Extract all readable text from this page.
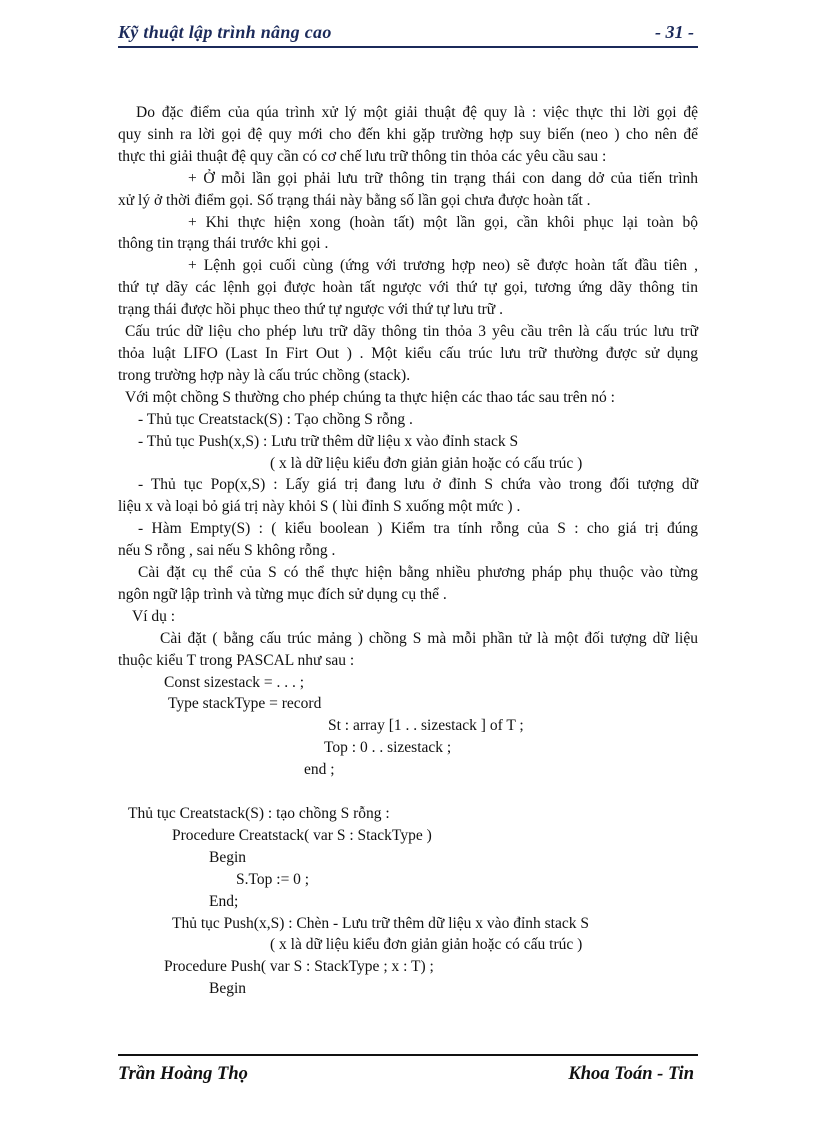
Kỹ thuật lập trình nâng cao	- 31 -
Do đặc điểm của qúa trình xử lý một giải thuật đệ quy là : việc thực thi lời gọi đệ
quy sinh ra lời gọi đệ quy mới cho đến khi gặp trường hợp suy biến (neo ) cho nên để
thực thi giải thuật đệ quy cần có cơ chế lưu trữ thông tin thỏa các yêu cầu sau :
+ Ở mỗi lần gọi phải lưu trữ thông tin trạng thái con dang dở của tiến trình
xử lý ở thời điểm gọi. Số trạng thái này bằng số lần gọi chưa được hoàn tất .
+ Khi thực hiện xong (hoàn tất) một lần gọi, cần khôi phục lại toàn bộ
thông tin trạng thái trước khi gọi .
+ Lệnh gọi cuối cùng (ứng với trương hợp neo) sẽ được hoàn tất đầu tiên ,
thứ tự dãy các lệnh gọi được hoàn tất ngược với thứ tự gọi, tương ứng dãy thông tin
trạng thái được hồi phục theo thứ tự ngược với thứ tự lưu trữ .
Cấu trúc dữ liệu cho phép lưu trữ dãy thông tin thỏa 3 yêu cầu trên là cấu trúc lưu trữ
thỏa luật LIFO (Last In Firt Out ) . Một kiểu cấu trúc lưu trữ thường được sử dụng
trong trường hợp này là cấu trúc chồng (stack).
Với một chồng S thường cho phép chúng ta thực hiện các thao tác sau trên nó :
- Thủ tục Creatstack(S) : Tạo chồng S rỗng .
- Thủ tục Push(x,S) : Lưu trữ thêm dữ liệu x vào đỉnh stack S
( x là dữ liệu kiểu đơn giản giản hoặc có cấu trúc )
- Thủ tục Pop(x,S) : Lấy giá trị đang lưu ở đỉnh S chứa vào trong đối tượng dữ
liệu x và loại bỏ giá trị này khỏi S ( lùi đỉnh S xuống một mức ) .
- Hàm Empty(S) : ( kiểu boolean ) Kiểm tra tính rỗng của S : cho giá trị đúng
nếu S rỗng , sai nếu S không rỗng .
Cài đặt cụ thể của S có thể thực hiện bằng nhiều phương pháp phụ thuộc vào từng
ngôn ngữ lập trình và từng mục đích sử dụng cụ thể .
Ví dụ :
Cài đặt ( bằng cấu trúc mảng ) chồng S mà mỗi phần tử là một đối tượng dữ liệu
thuộc kiểu T trong PASCAL như sau :
Const sizestack = . . . ;
Type stackType = record
St : array [1 . . sizestack ] of T ;
Top : 0 . . sizestack ;
end ;
Thủ tục Creatstack(S) : tạo chồng S rỗng :
Procedure Creatstack( var S : StackType )
Begin
S.Top := 0 ;
End;
Thủ tục Push(x,S) : Chèn - Lưu trữ thêm dữ liệu x vào đỉnh stack S
( x là dữ liệu kiểu đơn giản giản hoặc có cấu trúc )
Procedure Push( var S : StackType ; x : T) ;
Begin
Trần Hoàng Thọ	Khoa Toán - Tin
